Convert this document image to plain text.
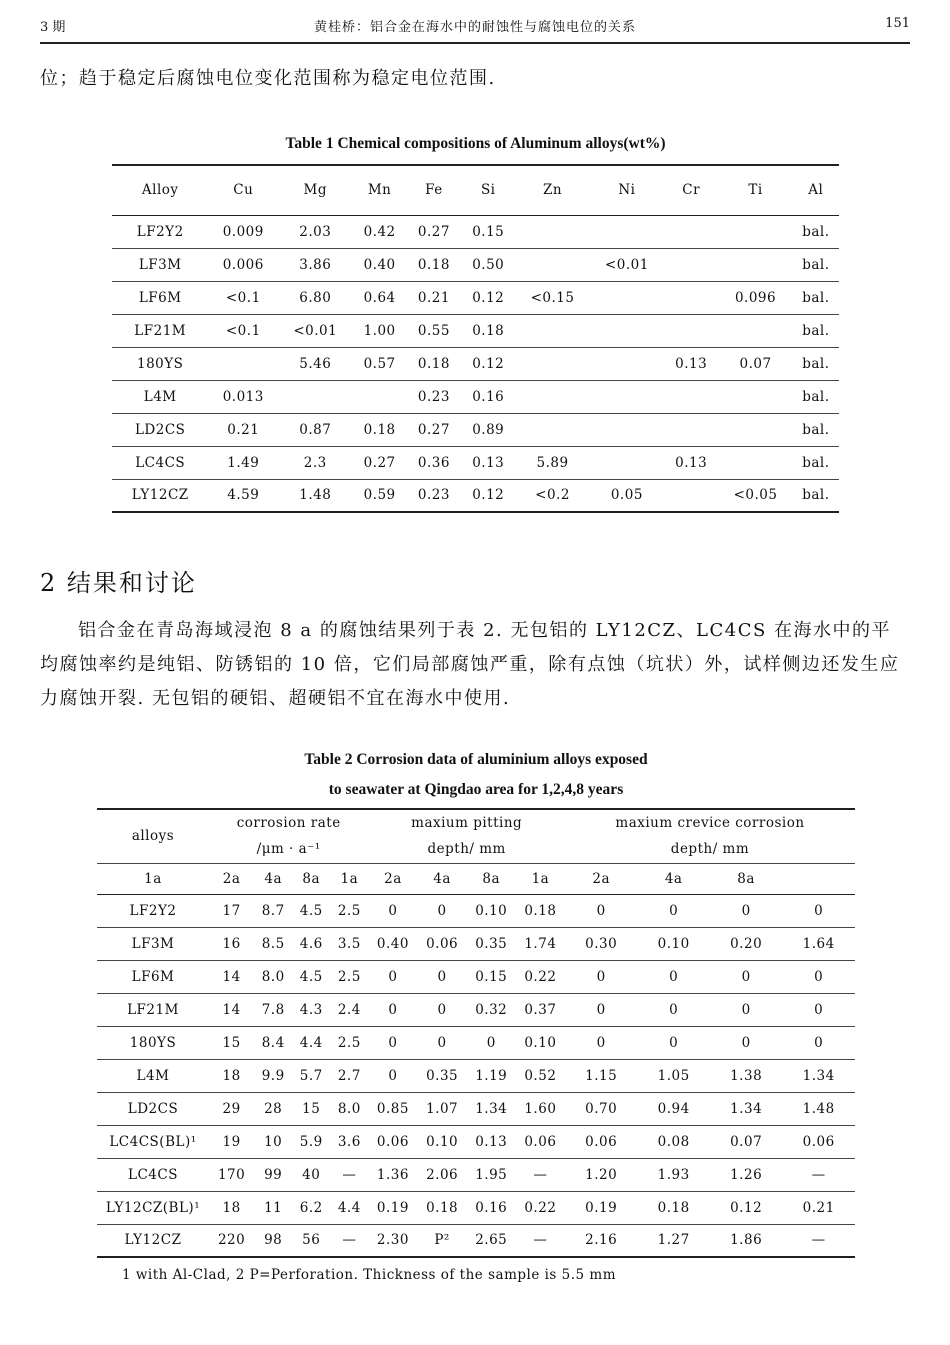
3 期	黄桂桥：铝合金在海水中的耐蚀性与腐蚀电位的关系	151
位；趋于稳定后腐蚀电位变化范围称为稳定电位范围.
Table 1 Chemical compositions of Aluminum alloys(wt%)
Alloy	Cu	Mg	Mn	Fe	Si	Zn	Ni	Cr	Ti	Al
LF2Y2	0.009	2.03	0.42	0.27	0.15					bal.
LF3M	0.006	3.86	0.40	0.18	0.50		<0.01			bal.
LF6M	<0.1	6.80	0.64	0.21	0.12	<0.15			0.096	bal.
LF21M	<0.1	<0.01	1.00	0.55	0.18					bal.
180YS		5.46	0.57	0.18	0.12			0.13	0.07	bal.
L4M	0.013			0.23	0.16					bal.
LD2CS	0.21	0.87	0.18	0.27	0.89					bal.
LC4CS	1.49	2.3	0.27	0.36	0.13	5.89		0.13		bal.
LY12CZ	4.59	1.48	0.59	0.23	0.12	<0.2	0.05		<0.05	bal.
2 结果和讨论
铝合金在青岛海域浸泡 8 a 的腐蚀结果列于表 2. 无包铝的 LY12CZ、LC4CS 在海水中的平均腐蚀率约是纯铝、防锈铝的 10 倍，它们局部腐蚀严重，除有点蚀（坑状）外，试样侧边还发生应力腐蚀开裂. 无包铝的硬铝、超硬铝不宜在海水中使用.
Table 2 Corrosion data of aluminium alloys exposed
to seawater at Qingdao area for 1,2,4,8 years
alloys	corrosion rate				maxium pitting				maxium crevice corrosion			
	/μm · a⁻¹				depth/ mm				depth/ mm			
1a	2a	4a	8a	1a	2a	4a	8a	1a	2a	4a	8a	
LF2Y2	17	8.7	4.5	2.5	0	0	0.10	0.18	0	0	0	0
LF3M	16	8.5	4.6	3.5	0.40	0.06	0.35	1.74	0.30	0.10	0.20	1.64
LF6M	14	8.0	4.5	2.5	0	0	0.15	0.22	0	0	0	0
LF21M	14	7.8	4.3	2.4	0	0	0.32	0.37	0	0	0	0
180YS	15	8.4	4.4	2.5	0	0	0	0.10	0	0	0	0
L4M	18	9.9	5.7	2.7	0	0.35	1.19	0.52	1.15	1.05	1.38	1.34
LD2CS	29	28	15	8.0	0.85	1.07	1.34	1.60	0.70	0.94	1.34	1.48
LC4CS(BL)¹	19	10	5.9	3.6	0.06	0.10	0.13	0.06	0.06	0.08	0.07	0.06
LC4CS	170	99	40	—	1.36	2.06	1.95	—	1.20	1.93	1.26	—
LY12CZ(BL)¹	18	11	6.2	4.4	0.19	0.18	0.16	0.22	0.19	0.18	0.12	0.21
LY12CZ	220	98	56	—	2.30	P²	2.65	—	2.16	1.27	1.86	—
1 with Al-Clad, 2 P=Perforation. Thickness of the sample is 5.5 mm
